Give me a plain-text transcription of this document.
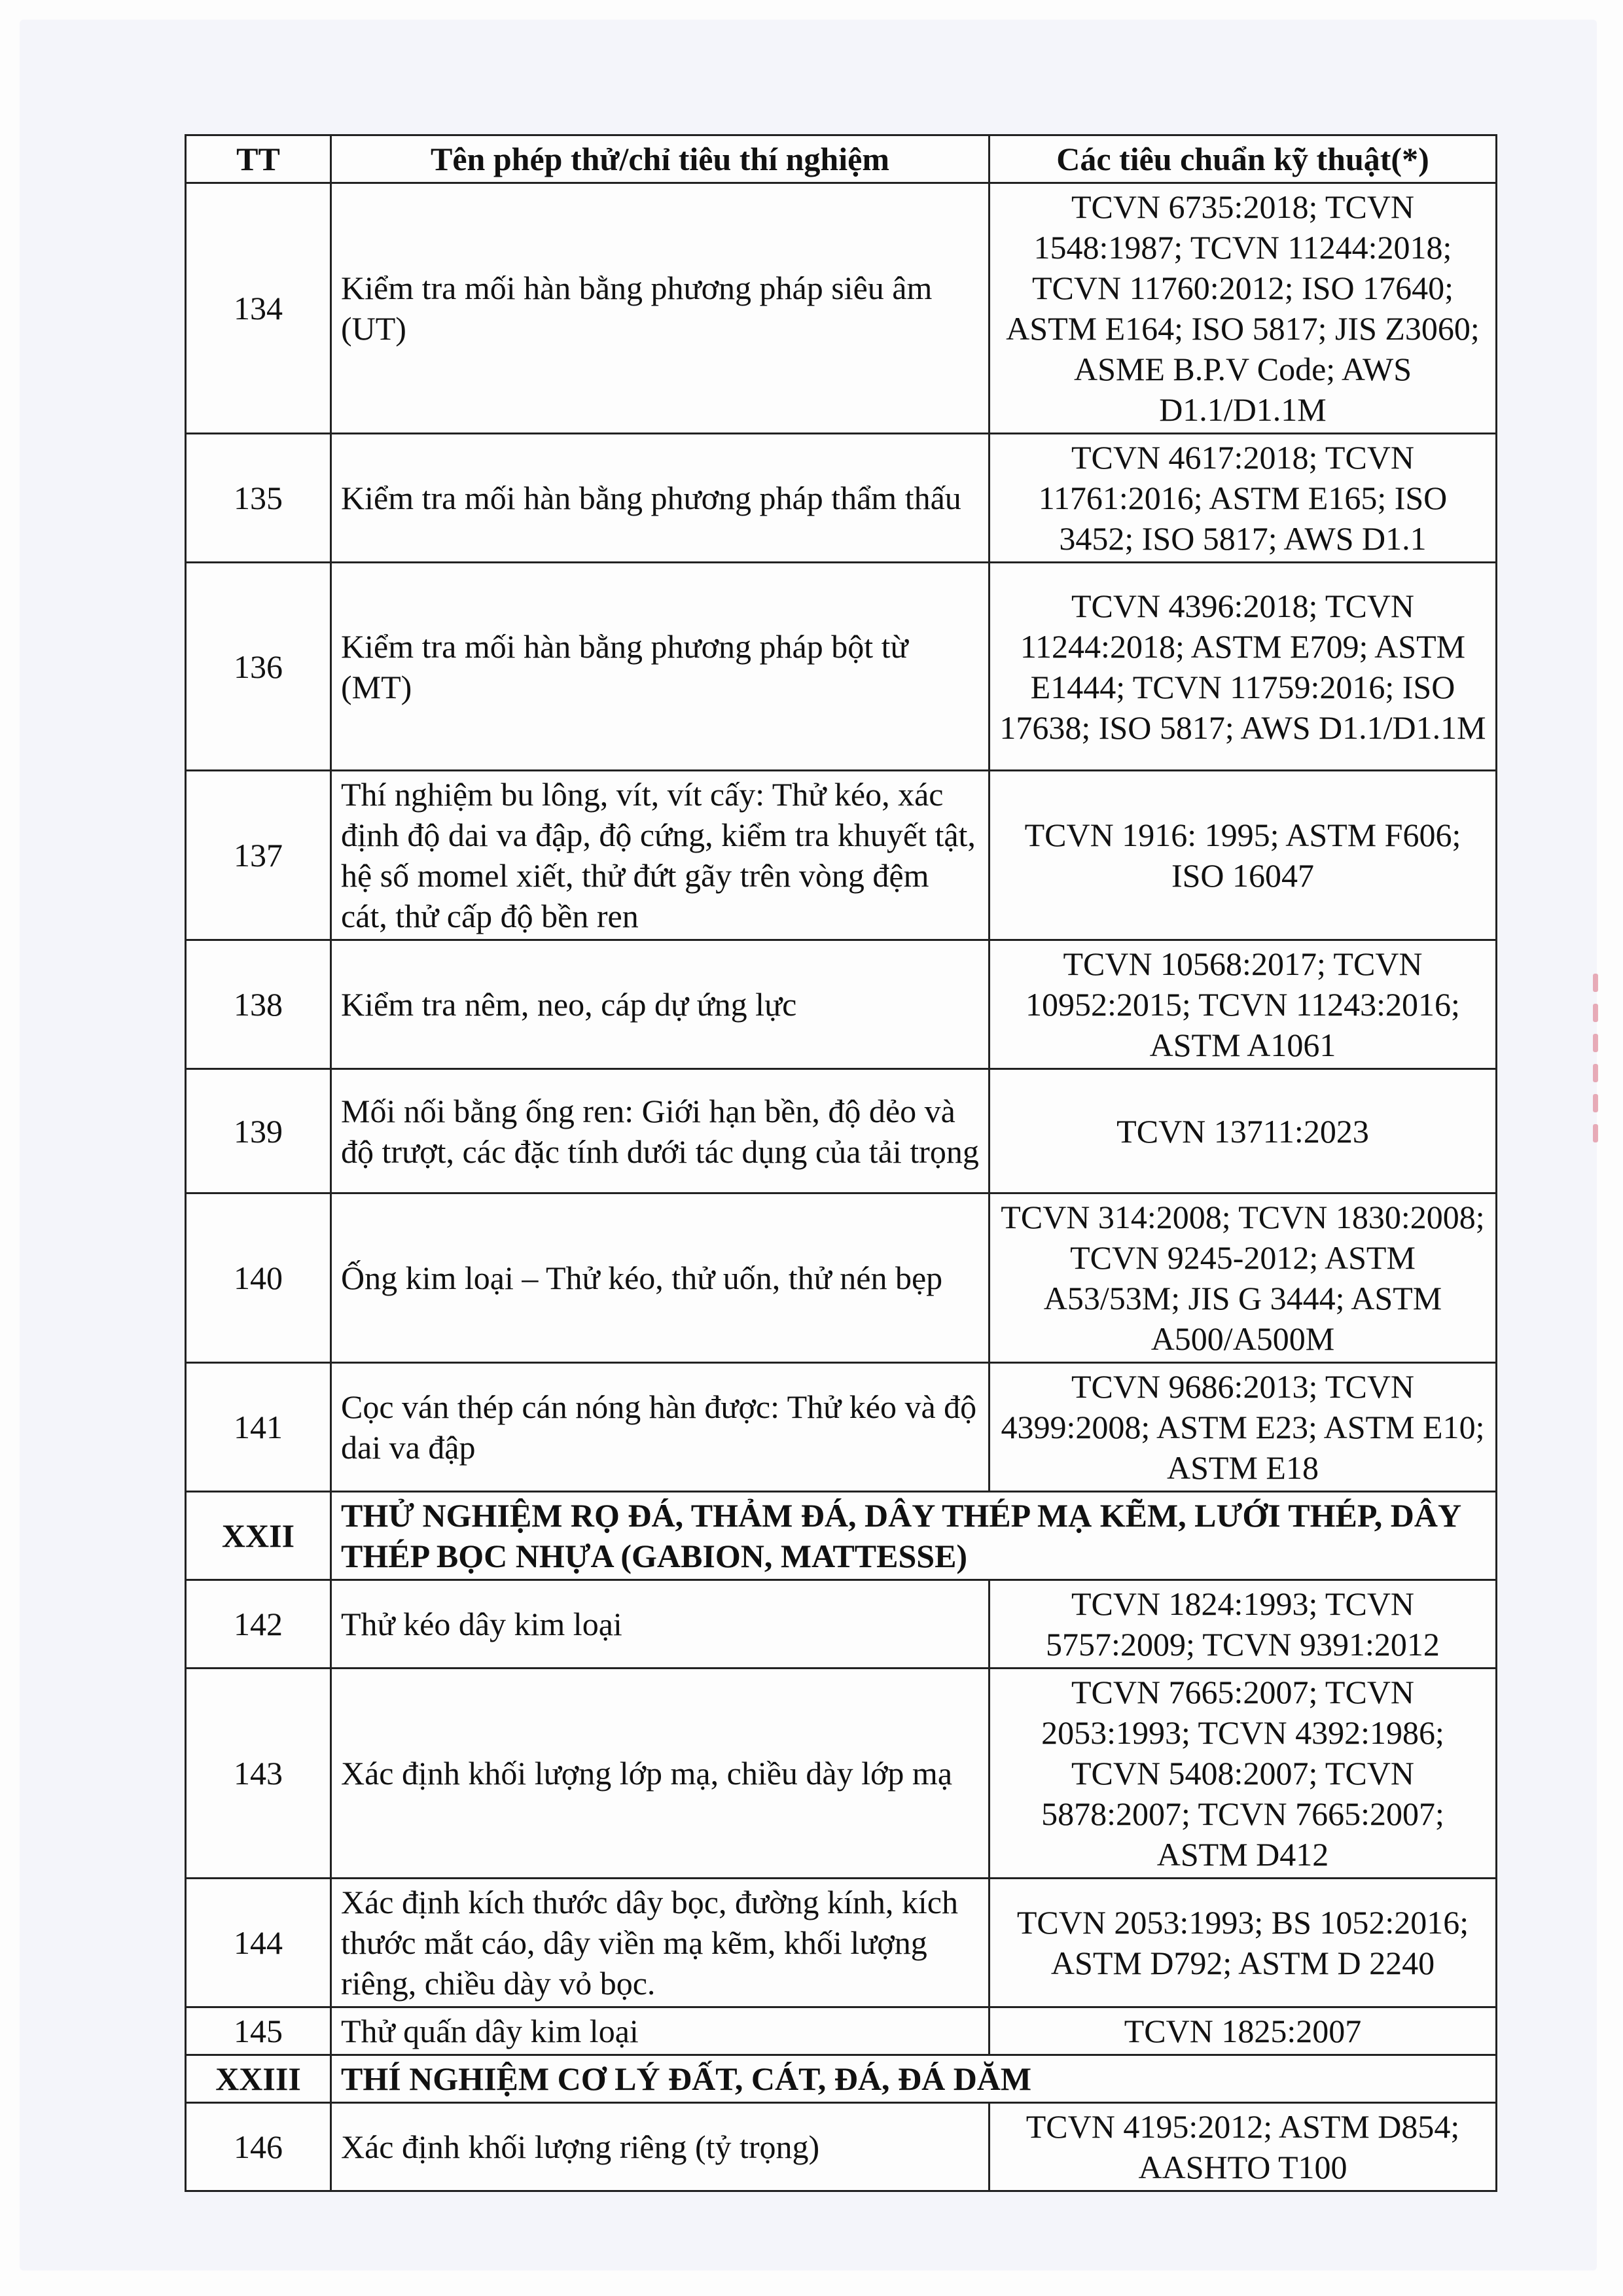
TT	Tên phép thử/chỉ tiêu thí nghiệm	Các tiêu chuẩn kỹ thuật(*)
134	Kiểm tra mối hàn bằng phương pháp siêu âm (UT)	TCVN 6735:2018; TCVN 1548:1987; TCVN 11244:2018; TCVN 11760:2012; ISO 17640; ASTM E164; ISO 5817; JIS Z3060; ASME B.P.V Code; AWS D1.1/D1.1M
135	Kiểm tra mối hàn bằng phương pháp thẩm thấu	TCVN 4617:2018; TCVN 11761:2016; ASTM E165; ISO 3452; ISO 5817; AWS D1.1
136	Kiểm tra mối hàn bằng phương pháp bột từ (MT)	TCVN 4396:2018; TCVN 11244:2018; ASTM E709; ASTM E1444; TCVN 11759:2016; ISO 17638; ISO 5817; AWS D1.1/D1.1M
137	Thí nghiệm bu lông, vít, vít cấy: Thử kéo, xác định độ dai va đập, độ cứng, kiểm tra khuyết tật, hệ số momel xiết, thử đứt gãy trên vòng đệm cát, thử cấp độ bền ren	TCVN 1916: 1995; ASTM F606; ISO 16047
138	Kiểm tra nêm, neo, cáp dự ứng lực	TCVN 10568:2017; TCVN 10952:2015; TCVN 11243:2016; ASTM A1061
139	Mối nối bằng ống ren: Giới hạn bền, độ dẻo và độ trượt, các đặc tính dưới tác dụng của tải trọng	TCVN 13711:2023
140	Ống kim loại – Thử kéo, thử uốn, thử nén bẹp	TCVN 314:2008; TCVN 1830:2008; TCVN 9245-2012; ASTM A53/53M; JIS G 3444; ASTM A500/A500M
141	Cọc ván thép cán nóng hàn được: Thử kéo và độ dai va đập	TCVN 9686:2013; TCVN 4399:2008; ASTM E23; ASTM E10; ASTM E18
XXII	THỬ NGHIỆM RỌ ĐÁ, THẢM ĐÁ, DÂY THÉP MẠ KẼM, LƯỚI THÉP, DÂY THÉP BỌC NHỰA (GABION, MATTESSE)	
142	Thử kéo dây kim loại	TCVN 1824:1993; TCVN 5757:2009; TCVN 9391:2012
143	Xác định khối lượng lớp mạ, chiều dày lớp mạ	TCVN 7665:2007; TCVN 2053:1993; TCVN 4392:1986; TCVN 5408:2007; TCVN 5878:2007; TCVN 7665:2007; ASTM D412
144	Xác định kích thước dây bọc, đường kính, kích thước mắt cáo, dây viền mạ kẽm, khối lượng riêng, chiều dày vỏ bọc.	TCVN 2053:1993; BS 1052:2016; ASTM D792; ASTM D 2240
145	Thử quấn dây kim loại	TCVN 1825:2007
XXIII	THÍ NGHIỆM CƠ LÝ ĐẤT, CÁT, ĐÁ, ĐÁ DĂM	
146	Xác định khối lượng riêng (tỷ trọng)	TCVN 4195:2012; ASTM D854; AASHTO T100
